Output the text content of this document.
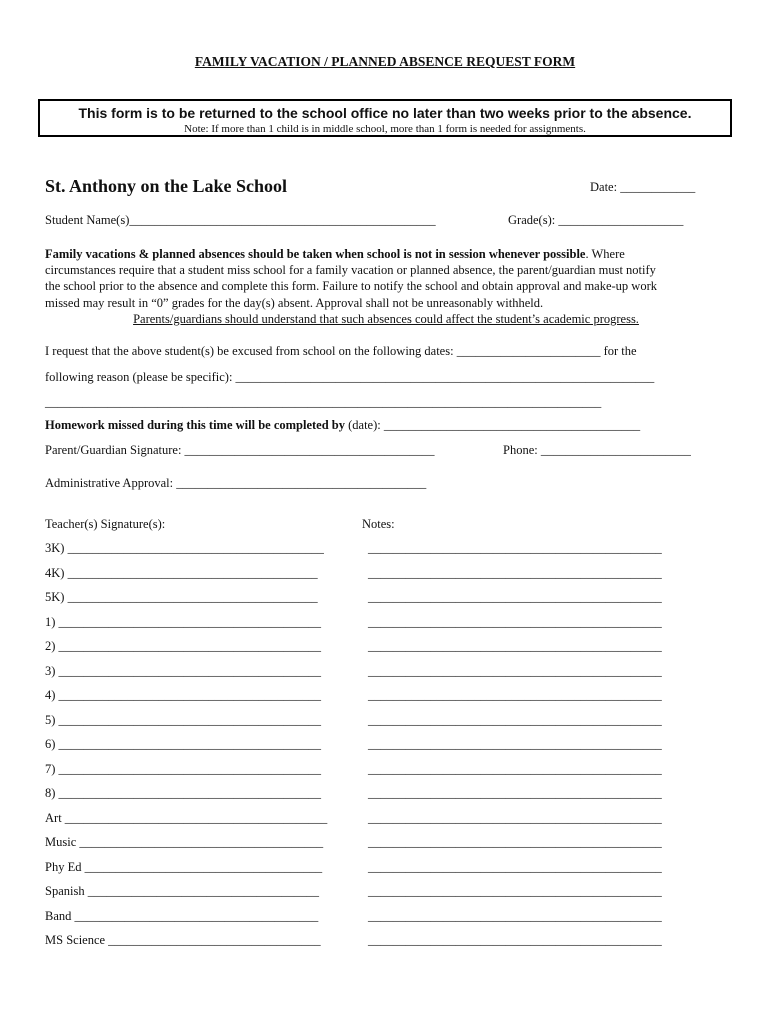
FAMILY VACATION / PLANNED ABSENCE REQUEST FORM
This form is to be returned to the school office no later than two weeks prior to the absence.
Note: If more than 1 child is in middle school, more than 1 form is needed for assignments.
St. Anthony on the Lake School	Date: ____________
Student Name(s)_________________________________________________	Grade(s): ____________________
Family vacations & planned absences should be taken when school is not in session whenever possible. Where
circumstances require that a student miss school for a family vacation or planned absence, the parent/guardian must notify
the school prior to the absence and complete this form. Failure to notify the school and obtain approval and make-up work
missed may result in “0” grades for the day(s) absent. Approval shall not be unreasonably withheld.
Parents/guardians should understand that such absences could affect the student’s academic progress.
I request that the above student(s) be excused from school on the following dates: _______________________ for the
following reason (please be specific): ___________________________________________________________________
_________________________________________________________________________________________
Homework missed during this time will be completed by (date): _________________________________________
Parent/Guardian Signature: ________________________________________	Phone: ________________________
Administrative Approval: ________________________________________
Teacher(s) Signature(s):	Notes:
3K) _________________________________________	_______________________________________________
4K) ________________________________________	_______________________________________________
5K) ________________________________________	_______________________________________________
1) __________________________________________	_______________________________________________
2) __________________________________________	_______________________________________________
3) __________________________________________	_______________________________________________
4) __________________________________________	_______________________________________________
5) __________________________________________	_______________________________________________
6) __________________________________________	_______________________________________________
7) __________________________________________	_______________________________________________
8) __________________________________________	_______________________________________________
Art __________________________________________	_______________________________________________
Music _______________________________________	_______________________________________________
Phy Ed ______________________________________	_______________________________________________
Spanish _____________________________________	_______________________________________________
Band _______________________________________	_______________________________________________
MS Science __________________________________	_______________________________________________
